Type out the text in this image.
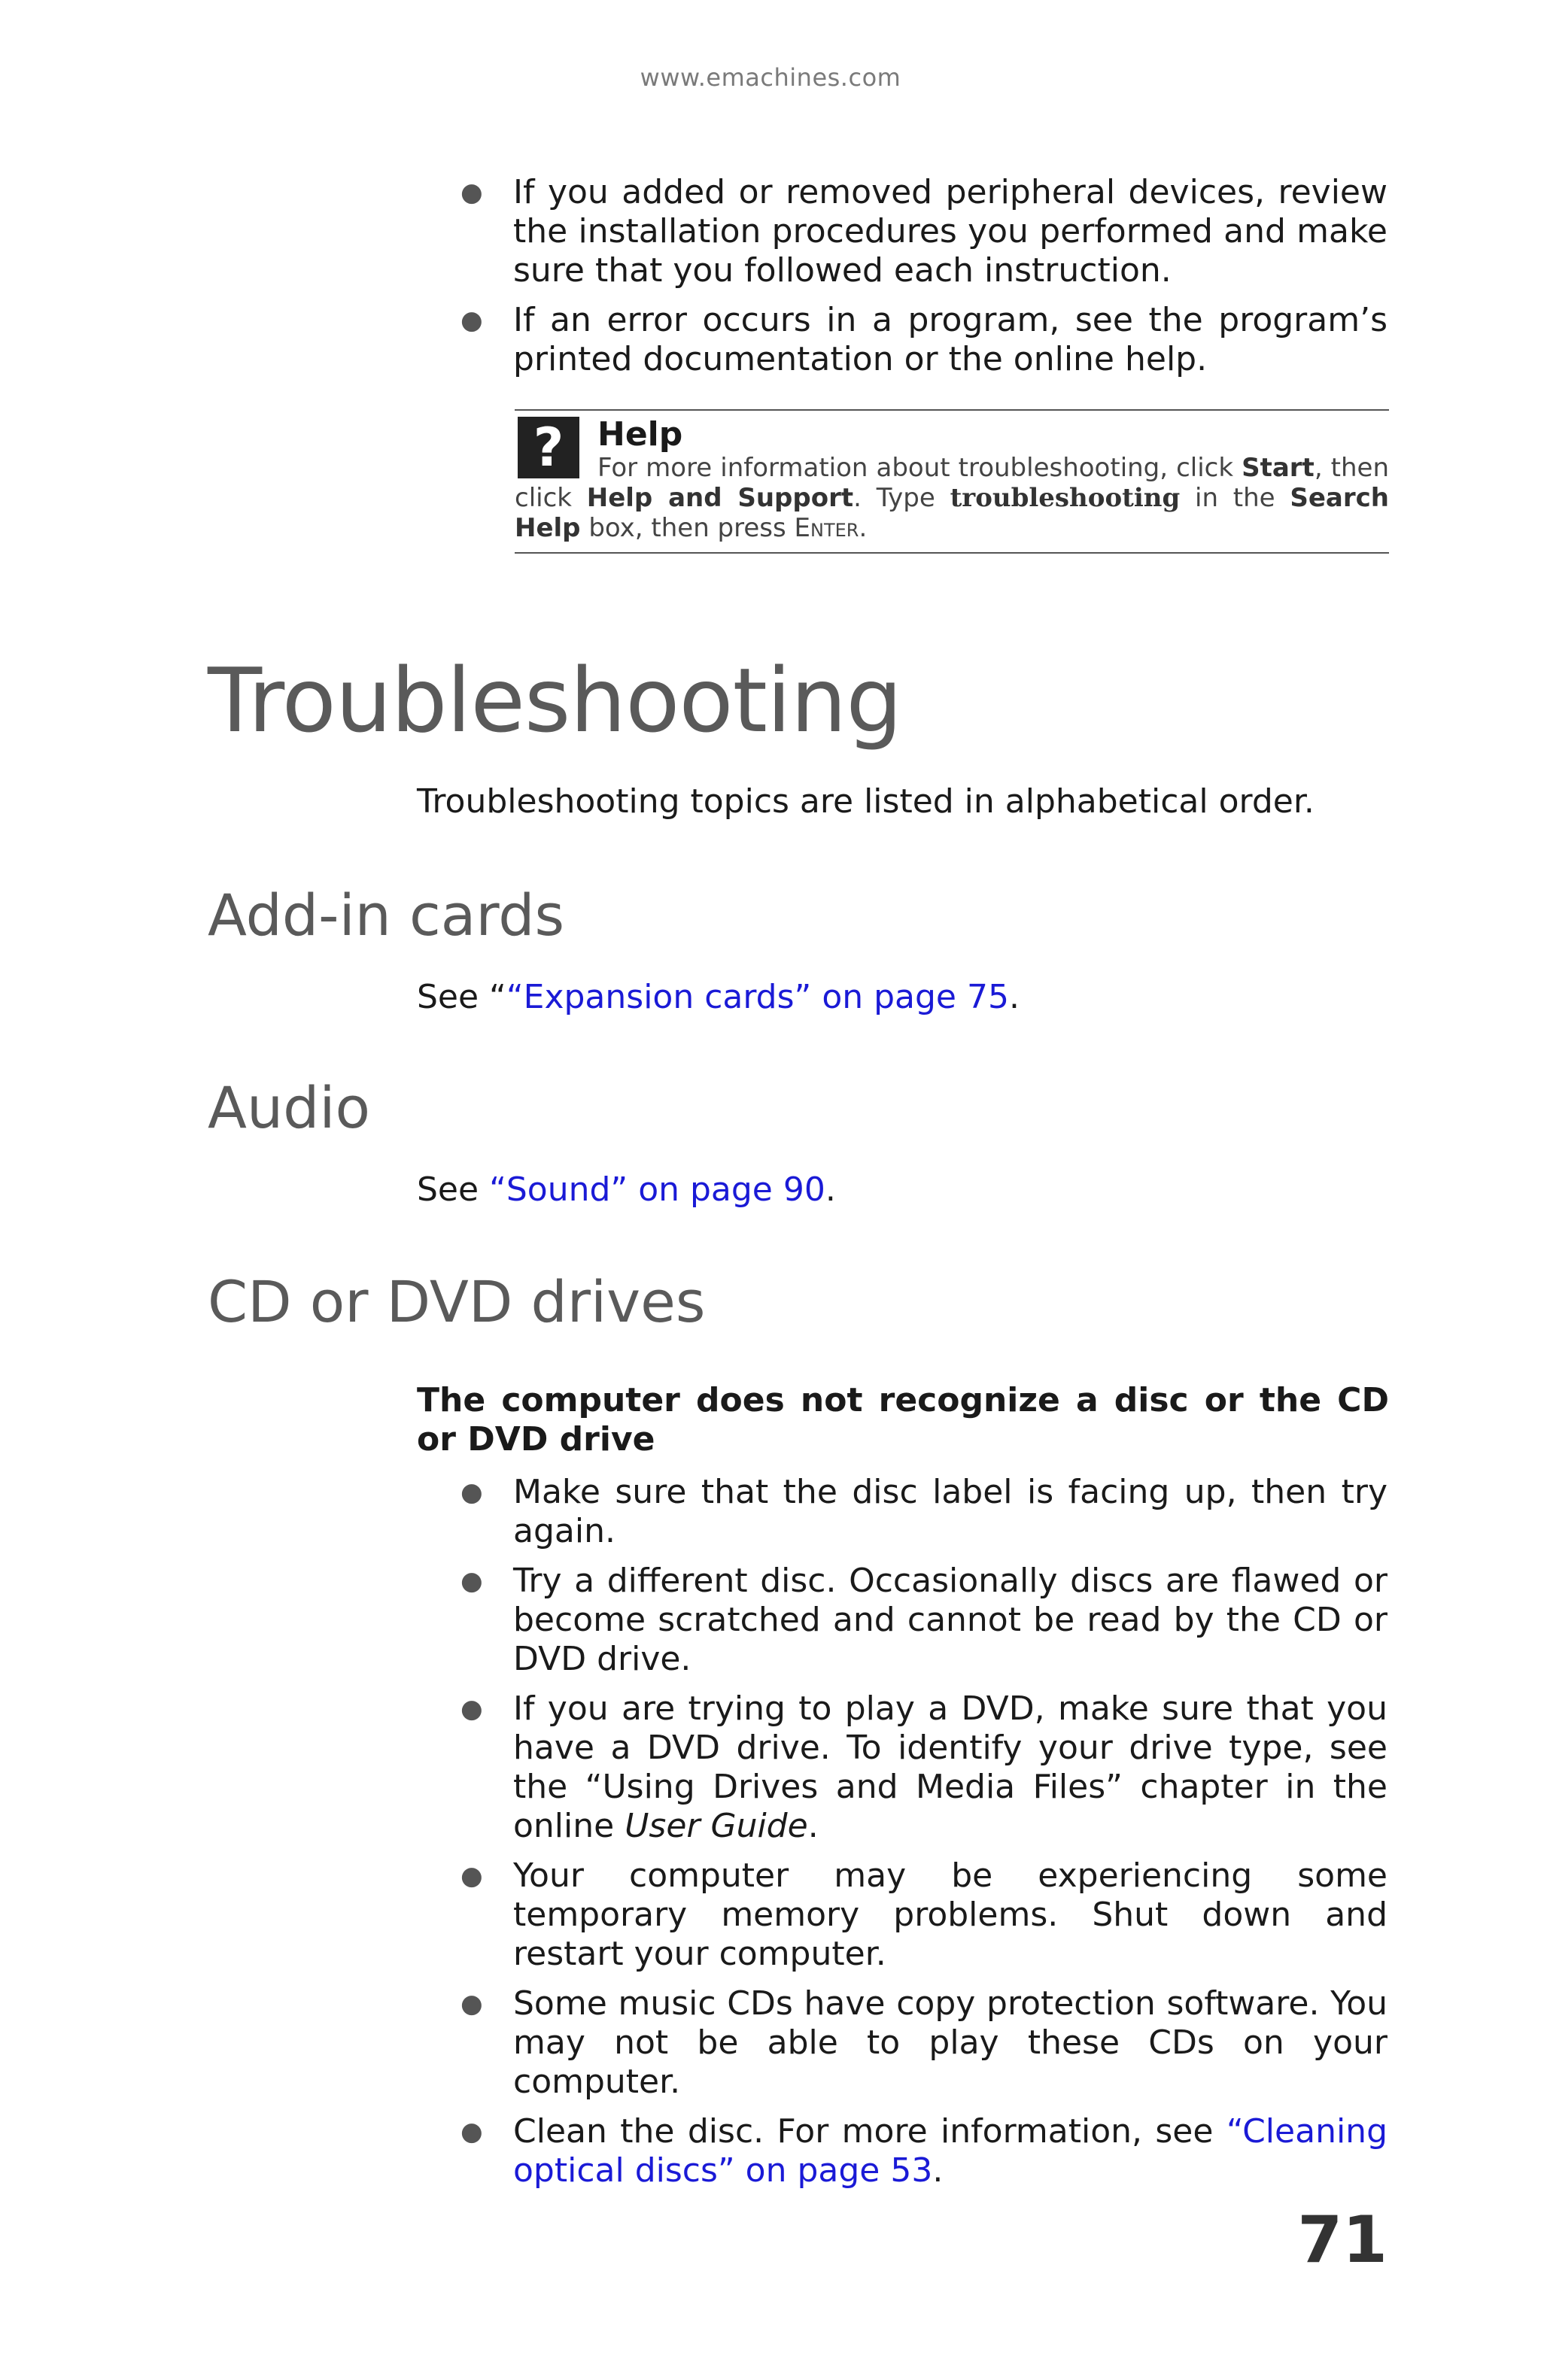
www.emachines.com
● If you added or removed peripheral devices, review the installation procedures you performed and make sure that you followed each instruction.
● If an error occurs in a program, see the program’s printed documentation or the online help.
?	Help
For more information about troubleshooting, click Start, then click Help and Support. Type troubleshooting in the Search Help box, then press Enter.
Troubleshooting

Troubleshooting topics are listed in alphabetical order.

Add-in cards

See ““Expansion cards” on page 75.

Audio

See “Sound” on page 90.

CD or DVD drives

The computer does not recognize a disc or the CD or DVD drive

● Make sure that the disc label is facing up, then try again.
● Try a different disc. Occasionally discs are flawed or become scratched and cannot be read by the CD or DVD drive.
● If you are trying to play a DVD, make sure that you have a DVD drive. To identify your drive type, see the “Using Drives and Media Files” chapter in the online User Guide.
● Your computer may be experiencing some temporary memory problems. Shut down and restart your computer.
● Some music CDs have copy protection software. You may not be able to play these CDs on your computer.
● Clean the disc. For more information, see “Cleaning optical discs” on page 53.
71
